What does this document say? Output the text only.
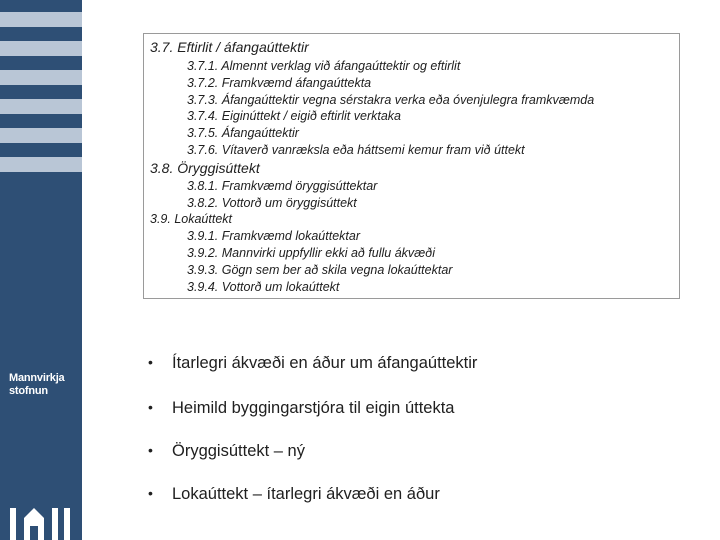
Mannvirkja
stofnun
3.7. Eftirlit / áfangaúttektir
3.7.1. Almennt verklag við áfangaúttektir og eftirlit
3.7.2. Framkvæmd áfangaúttekta
3.7.3. Áfangaúttektir vegna sérstakra verka eða óvenjulegra framkvæmda
3.7.4. Eiginúttekt / eigið eftirlit verktaka
3.7.5. Áfangaúttektir
3.7.6. Vítaverð vanræksla eða háttsemi kemur fram við úttekt
3.8. Öryggisúttekt
3.8.1. Framkvæmd öryggisúttektar
3.8.2. Vottorð um öryggisúttekt
3.9. Lokaúttekt
3.9.1. Framkvæmd lokaúttektar
3.9.2. Mannvirki uppfyllir ekki að fullu ákvæði
3.9.3. Gögn sem ber að skila vegna lokaúttektar
3.9.4. Vottorð um lokaúttekt
• Ítarlegri ákvæði en áður um áfangaúttektir
• Heimild byggingarstjóra til eigin úttekta
• Öryggisúttekt – ný
• Lokaúttekt – ítarlegri ákvæði en áður
